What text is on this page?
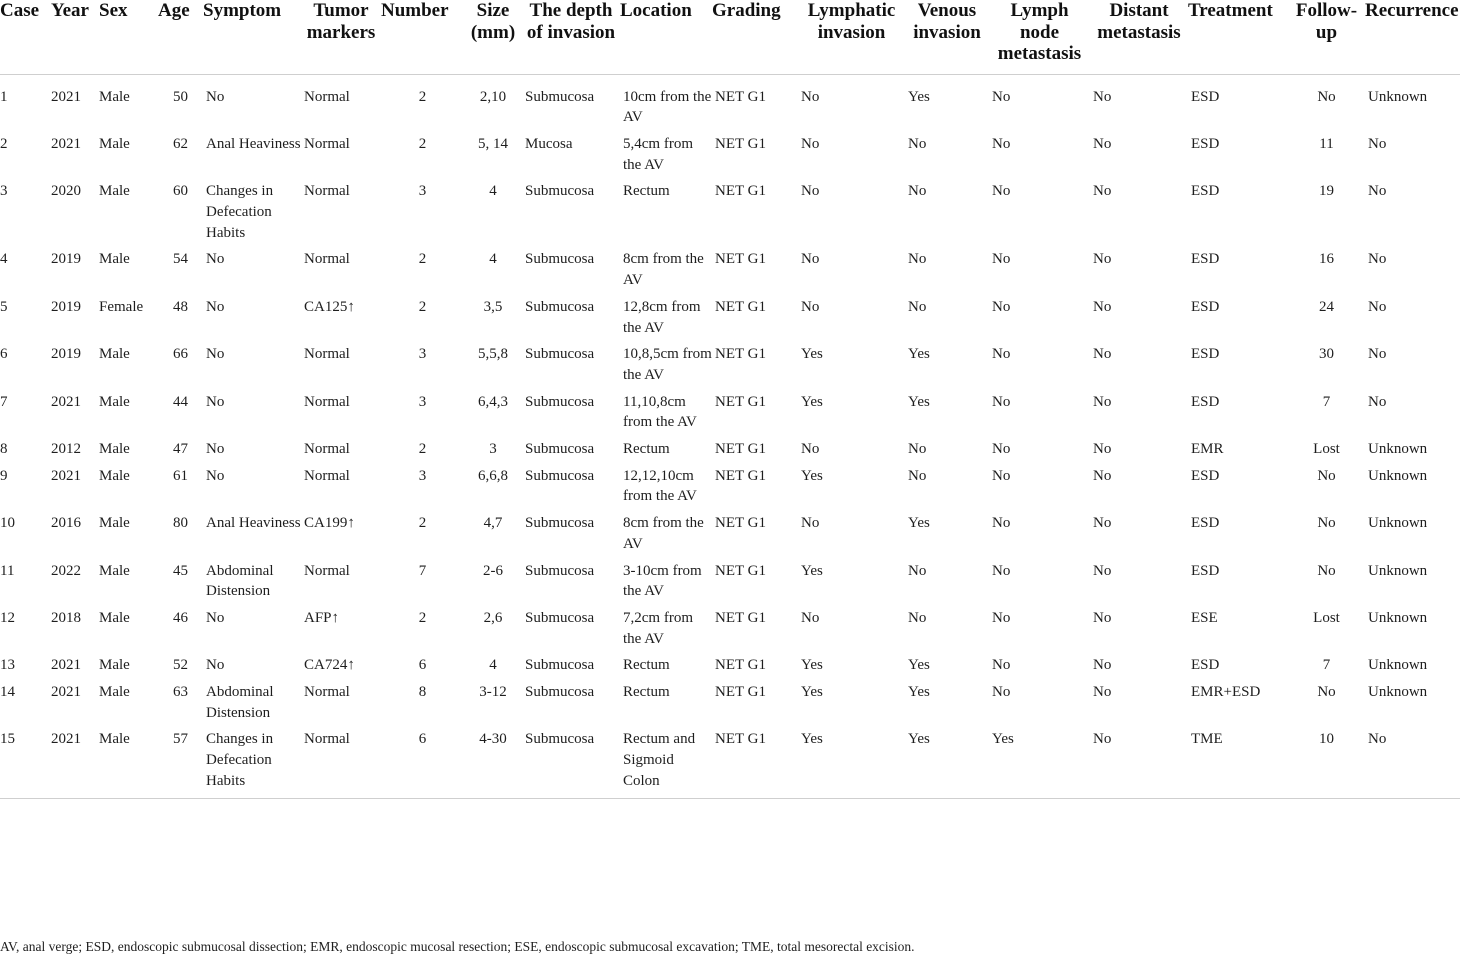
Case	Year	Sex	Age	Symptom	Tumor markers	Number	Size (mm)	The depth of invasion	Location	Grading	Lymphatic invasion	Venous invasion	Lymph node metastasis	Distant metastasis	Treatment	Follow-up	Recurrence
1	2021	Male	50	No	Normal	2	2,10	Submucosa	10cm from the AV	NET G1	No	Yes	No	No	ESD	No	Unknown
2	2021	Male	62	Anal Heaviness	Normal	2	5, 14	Mucosa	5,4cm from the AV	NET G1	No	No	No	No	ESD	11	No
3	2020	Male	60	Changes in Defecation Habits	Normal	3	4	Submucosa	Rectum	NET G1	No	No	No	No	ESD	19	No
4	2019	Male	54	No	Normal	2	4	Submucosa	8cm from the AV	NET G1	No	No	No	No	ESD	16	No
5	2019	Female	48	No	CA125↑	2	3,5	Submucosa	12,8cm from the AV	NET G1	No	No	No	No	ESD	24	No
6	2019	Male	66	No	Normal	3	5,5,8	Submucosa	10,8,5cm from the AV	NET G1	Yes	Yes	No	No	ESD	30	No
7	2021	Male	44	No	Normal	3	6,4,3	Submucosa	11,10,8cm from the AV	NET G1	Yes	Yes	No	No	ESD	7	No
8	2012	Male	47	No	Normal	2	3	Submucosa	Rectum	NET G1	No	No	No	No	EMR	Lost	Unknown
9	2021	Male	61	No	Normal	3	6,6,8	Submucosa	12,12,10cm from the AV	NET G1	Yes	No	No	No	ESD	No	Unknown
10	2016	Male	80	Anal Heaviness	CA199↑	2	4,7	Submucosa	8cm from the AV	NET G1	No	Yes	No	No	ESD	No	Unknown
11	2022	Male	45	Abdominal Distension	Normal	7	2-6	Submucosa	3-10cm from the AV	NET G1	Yes	No	No	No	ESD	No	Unknown
12	2018	Male	46	No	AFP↑	2	2,6	Submucosa	7,2cm from the AV	NET G1	No	No	No	No	ESE	Lost	Unknown
13	2021	Male	52	No	CA724↑	6	4	Submucosa	Rectum	NET G1	Yes	Yes	No	No	ESD	7	Unknown
14	2021	Male	63	Abdominal Distension	Normal	8	3-12	Submucosa	Rectum	NET G1	Yes	Yes	No	No	EMR+ESD	No	Unknown
15	2021	Male	57	Changes in Defecation Habits	Normal	6	4-30	Submucosa	Rectum and Sigmoid Colon	NET G1	Yes	Yes	Yes	No	TME	10	No
AV, anal verge; ESD, endoscopic submucosal dissection; EMR, endoscopic mucosal resection; ESE, endoscopic submucosal excavation; TME, total mesorectal excision.
